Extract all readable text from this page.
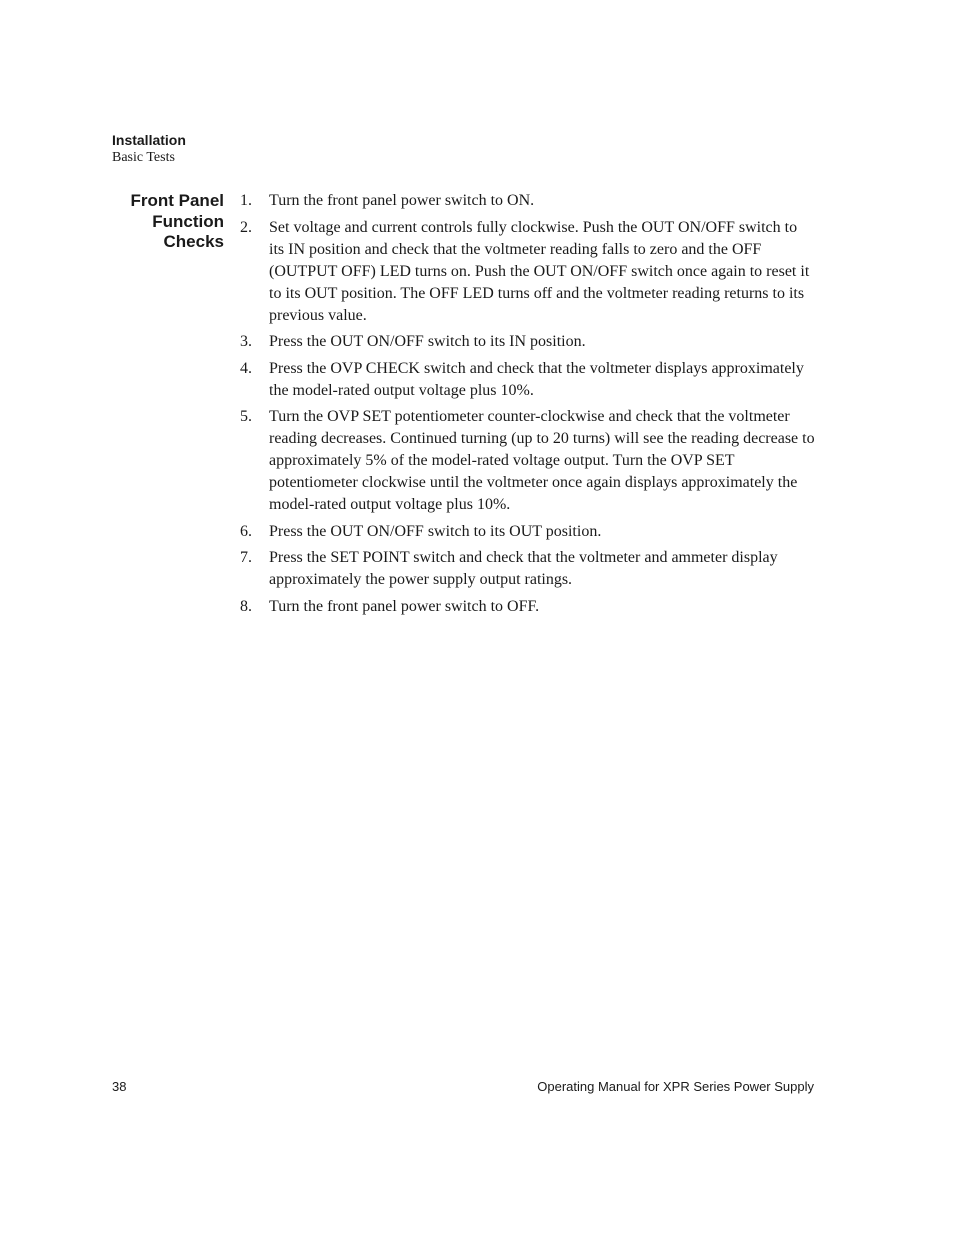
Installation
Basic Tests
Front Panel
Function
Checks
1.	Turn the front panel power switch to ON.
2.	Set voltage and current controls fully clockwise. Push the OUT ON/OFF switch to its IN position and check that the voltmeter reading falls to zero and the OFF (OUTPUT OFF) LED turns on. Push the OUT ON/OFF switch once again to reset it to its OUT position. The OFF LED turns off and the voltmeter reading returns to its previous value.
3.	Press the OUT ON/OFF switch to its IN position.
4.	Press the OVP CHECK switch and check that the voltmeter displays approximately the model-rated output voltage plus 10%.
5.	Turn the OVP SET potentiometer counter-clockwise and check that the voltmeter reading decreases. Continued turning (up to 20 turns) will see the reading decrease to approximately 5% of the model-rated voltage output. Turn the OVP SET potentiometer clockwise until the voltmeter once again displays approximately the model-rated output voltage plus 10%.
6.	Press the OUT ON/OFF switch to its OUT position.
7.	Press the SET POINT switch and check that the voltmeter and ammeter display approximately the power supply output ratings.
8.	Turn the front panel power switch to OFF.
38	Operating Manual for XPR Series Power Supply
